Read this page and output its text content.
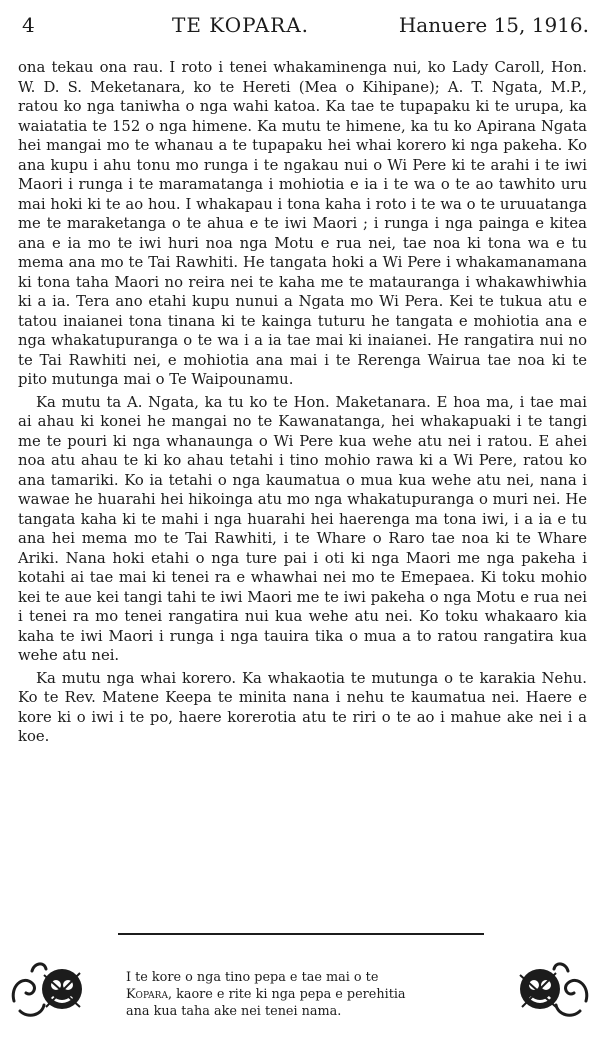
4	TE KOPARA.	Hanuere 15, 1916.

ona tekau ona rau. I roto i tenei whakaminenga nui, ko Lady Caroll, Hon. W. D. S. Meketanara, ko te Hereti (Mea o Kihipane); A. T. Ngata, M.P., ratou ko nga taniwha o nga wahi katoa. Ka tae te tupapaku ki te urupa, ka waiatatia te 152 o nga himene. Ka mutu te himene, ka tu ko Apirana Ngata hei mangai mo te whanau a te tupapaku hei whai korero ki nga pakeha. Ko ana kupu i ahu tonu mo runga i te ngakau nui o Wi Pere ki te arahi i te iwi Maori i runga i te maramatanga i mohiotia e ia i te wa o te ao tawhito uru mai hoki ki te ao hou. I whakapau i tona kaha i roto i te wa o te uruuatanga me te maraketanga o te ahua e te iwi Maori ; i runga i nga painga e kitea ana e ia mo te iwi huri noa nga Motu e rua nei, tae noa ki tona wa e tu mema ana mo te Tai Rawhiti. He tangata hoki a Wi Pere i whakamanamana ki tona taha Maori no reira nei te kaha me te matauranga i whakawhiwhia ki a ia. Tera ano etahi kupu nunui a Ngata mo Wi Pera. Kei te tukua atu e tatou inaianei tona tinana ki te kainga tuturu he tangata e mohiotia ana e nga whakatupuranga o te wa i a ia tae mai ki inaianei. He rangatira nui no te Tai Rawhiti nei, e mohiotia ana mai i te Rerenga Wairua tae noa ki te pito mutunga mai o Te Waipounamu.

Ka mutu ta A. Ngata, ka tu ko te Hon. Maketanara. E hoa ma, i tae mai ai ahau ki konei he mangai no te Kawanatanga, hei whakapuaki i te tangi me te pouri ki nga whanaunga o Wi Pere kua wehe atu nei i ratou. E ahei noa atu ahau te ki ko ahau tetahi i tino mohio rawa ki a Wi Pere, ratou ko ana tamariki. Ko ia tetahi o nga kaumatua o mua kua wehe atu nei, nana i wawae he huarahi hei hikoinga atu mo nga whakatupuranga o muri nei. He tangata kaha ki te mahi i nga huarahi hei haerenga ma tona iwi, i a ia e tu ana hei mema mo te Tai Rawhiti, i te Whare o Raro tae noa ki te Whare Ariki. Nana hoki etahi o nga ture pai i oti ki nga Maori me nga pakeha i kotahi ai tae mai ki tenei ra e whawhai nei mo te Emepaea. Ki toku mohio kei te aue kei tangi tahi te iwi Maori me te iwi pakeha o nga Motu e rua nei i tenei ra mo tenei rangatira nui kua wehe atu nei. Ko toku whakaaro kia kaha te iwi Maori i runga i nga tauira tika o mua a to ratou rangatira kua wehe atu nei.

Ka mutu nga whai korero. Ka whakaotia te mutunga o te karakia Nehu. Ko te Rev. Matene Keepa te minita nana i nehu te kaumatua nei. Haere e kore ki o iwi i te po, haere korerotia atu te riri o te ao i mahue ake nei i a koe.

I te kore o nga tino pepa e tae mai o te
Kopara, kaore e rite ki nga pepa e perehitia
ana kua taha ake nei tenei nama.
